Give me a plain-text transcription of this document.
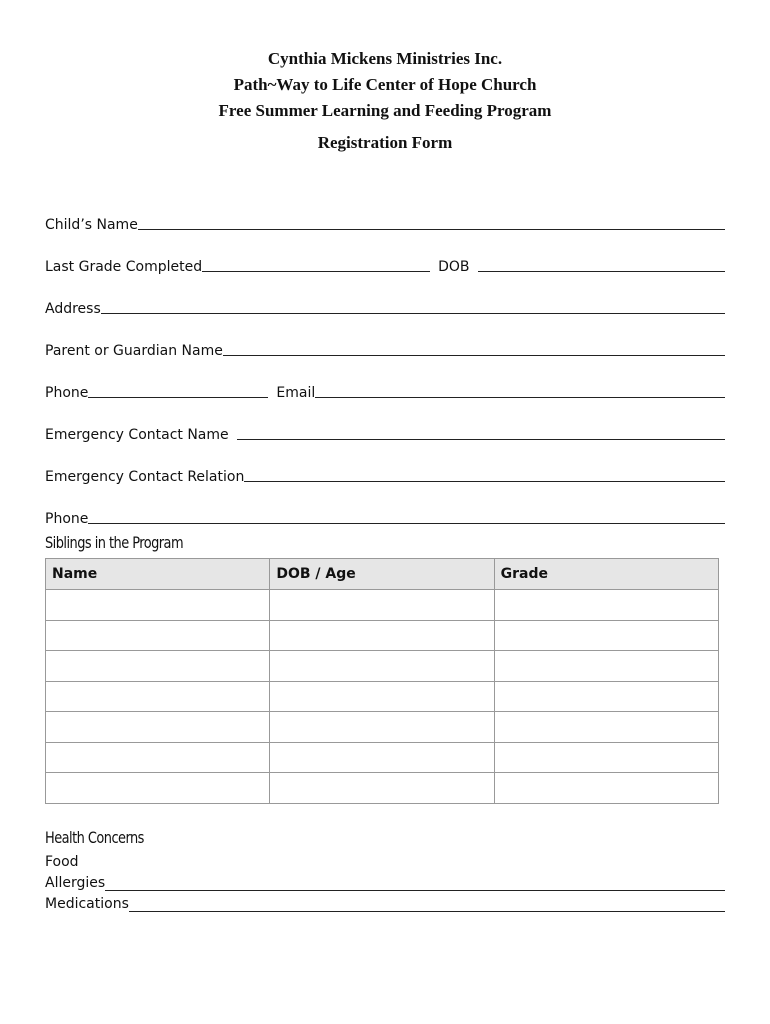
Cynthia Mickens Ministries Inc.
Path~Way to Life Center of Hope Church
Free Summer Learning and Feeding Program
Registration Form
Child’s Name
Last Grade Completed	DOB
Address
Parent or Guardian Name
Phone	Email
Emergency Contact Name
Emergency Contact Relation
Phone
Siblings in the Program
Name	DOB / Age	Grade

Health Concerns
Food
Allergies
Medications
